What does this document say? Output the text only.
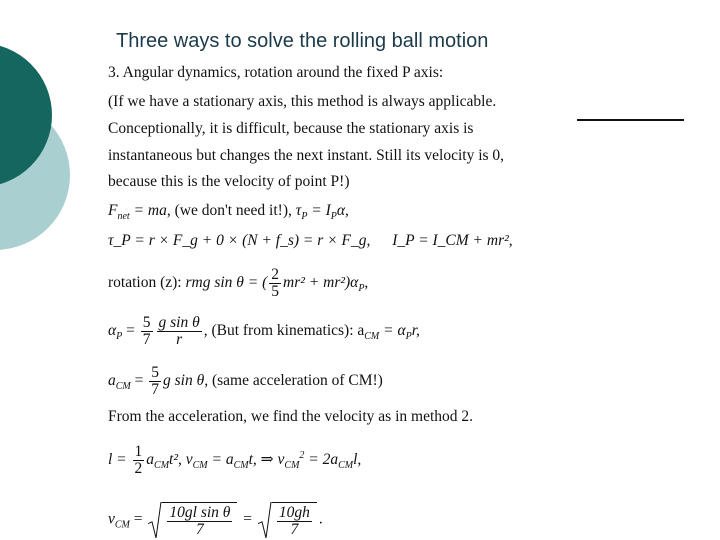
Three ways to solve the rolling ball motion
3. Angular dynamics, rotation around the fixed P axis:
(If we have a stationary axis, this method is always applicable.
Conceptionally, it is difficult, because the stationary axis is
instantaneous but changes the next instant. Still its velocity is 0,
because this is the velocity of point P!)
$F_{net}$ = ma, (we don't need it!), $\tau_P = I_P\alpha$,
τ_P = r × F_g + 0 × (N + f_s) = r × F_g, I_P = I_CM + mr²,
rotation (z): rmg sin θ = ( $\frac{2}{5} mr^2 + mr^2)\alpha_P$,
$\alpha_P = \frac{5}{7} \frac{\text{g sin θ}}{r}$ , (But from kinematics): $a_{CM} = \alpha_Pr$,
$a_{CM} = \frac{5}{7}$ g sin θ, (same acceleration of CM!)
From the acceleration, we find the velocity as in method 2.
$l = \frac{1}{2} a_{CM}t^2$, $v_{CM} = a_{CM}t$, ⇒ $v_{CM}^2 = 2a_{CM}l$,
$v_{CM} = \frac{\text{10gl sin θ}}{7} = \frac{10gh}{7}$ .
